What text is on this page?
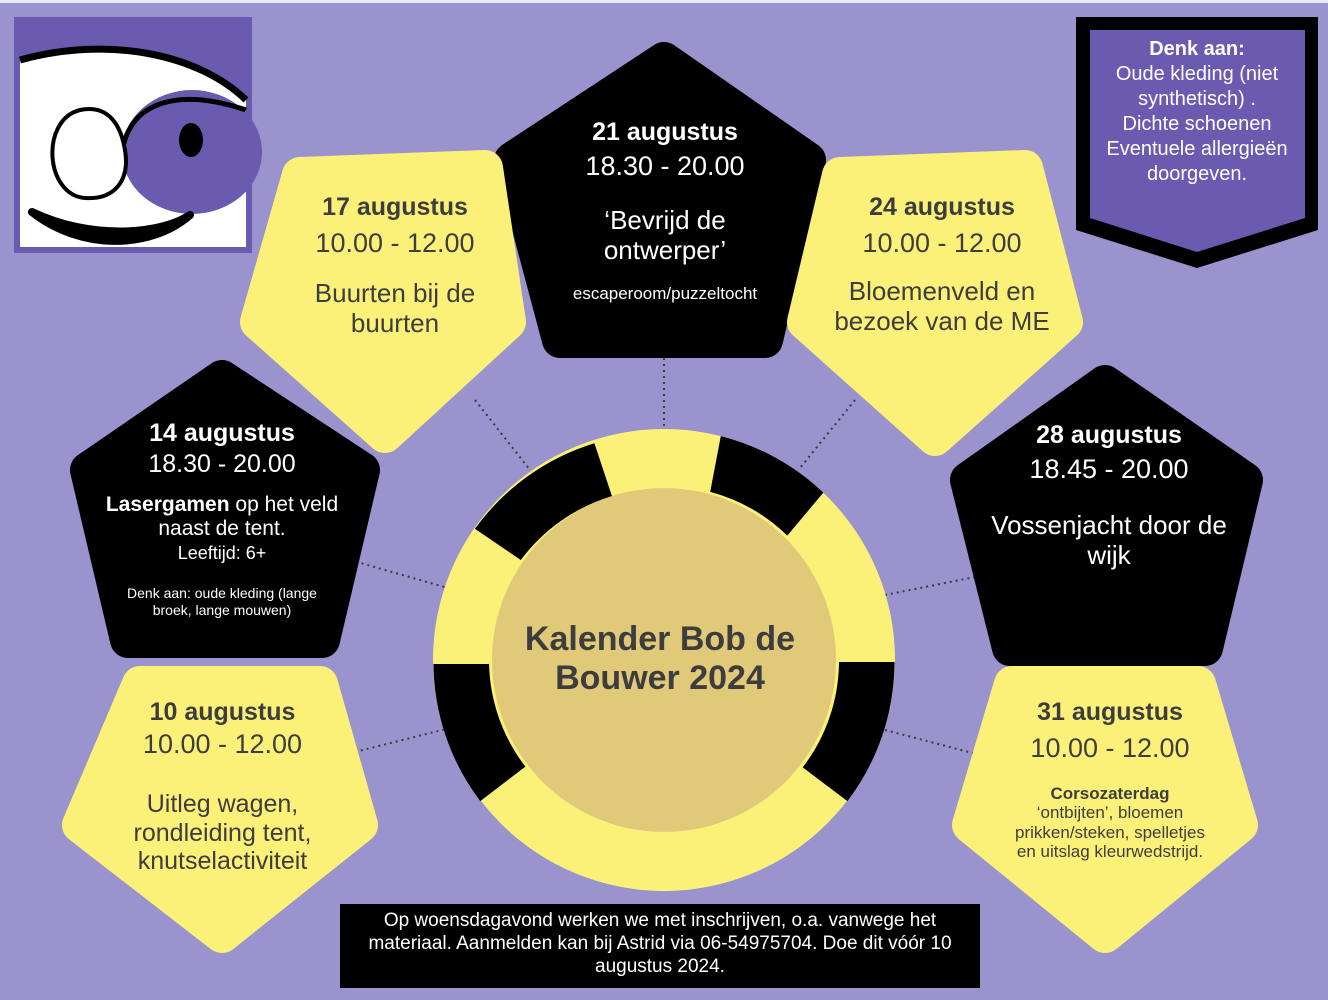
21 augustus
18.30 - 20.00
‘Bevrijd de ontwerper’
escaperoom/puzzeltocht
17 augustus
10.00 - 12.00
Buurten bij de buurten
24 augustus
10.00 - 12.00
Bloemenveld en bezoek van de ME
14 augustus
18.30 - 20.00
Lasergamen op het veld naast de tent.
Leeftijd: 6+
Denk aan: oude kleding (lange broek, lange mouwen)
28 augustus
18.45 - 20.00
Vossenjacht door de wijk
10 augustus
10.00 - 12.00
Uitleg wagen, rondleiding tent, knutselactiviteit
31 augustus
10.00 - 12.00
Corsozaterdag
‘ontbijten’, bloemen prikken/steken, spelletjes en uitslag kleurwedstrijd.
Kalender Bob de Bouwer 2024
Denk aan:
Oude kleding (niet synthetisch) .
Dichte schoenen
Eventuele allergieën doorgeven.
Op woensdagavond werken we met inschrijven, o.a. vanwege het materiaal. Aanmelden kan bij Astrid via 06-54975704. Doe dit vóór 10 augustus 2024.
